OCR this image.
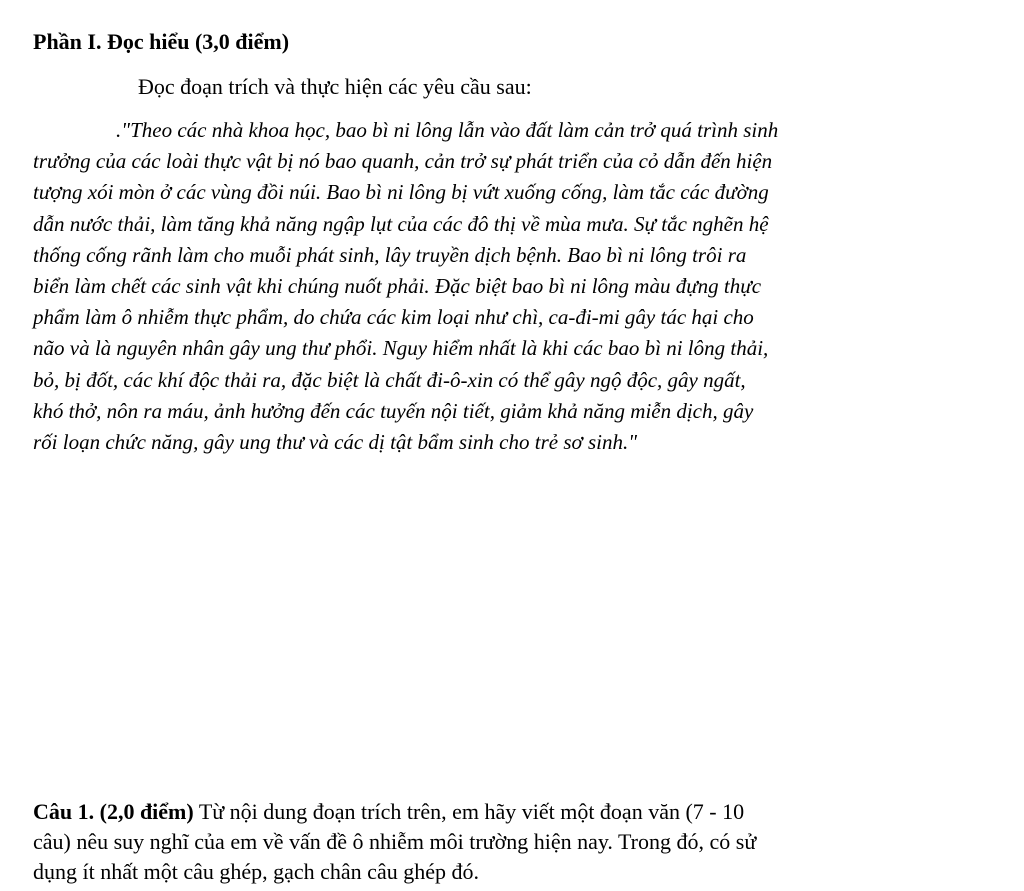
Phần I. Đọc hiểu (3,0 điểm)
Đọc đoạn trích và thực hiện các yêu cầu sau:
."Theo các nhà khoa học, bao bì ni lông lẫn vào đất làm cản trở quá trình sinh
trưởng của các loài thực vật bị nó bao quanh, cản trở sự phát triển của cỏ dẫn đến hiện
tượng xói mòn ở các vùng đồi núi. Bao bì ni lông bị vứt xuống cống, làm tắc các đường
dẫn nước thải, làm tăng khả năng ngập lụt của các đô thị về mùa mưa. Sự tắc nghẽn hệ
thống cống rãnh làm cho muỗi phát sinh, lây truyền dịch bệnh. Bao bì ni lông trôi ra
biển làm chết các sinh vật khi chúng nuốt phải. Đặc biệt bao bì ni lông màu đựng thực
phẩm làm ô nhiễm thực phẩm, do chứa các kim loại như chì, ca-đi-mi gây tác hại cho
não và là nguyên nhân gây ung thư phổi. Nguy hiểm nhất là khi các bao bì ni lông thải,
bỏ, bị đốt, các khí độc thải ra, đặc biệt là chất đi-ô-xin có thể gây ngộ độc, gây ngất,
khó thở, nôn ra máu, ảnh hưởng đến các tuyến nội tiết, giảm khả năng miễn dịch, gây
rối loạn chức năng, gây ung thư và các dị tật bẩm sinh cho trẻ sơ sinh."
Câu 1. (2,0 điểm) Từ nội dung đoạn trích trên, em hãy viết một đoạn văn (7 - 10
câu) nêu suy nghĩ của em về vấn đề ô nhiễm môi trường hiện nay. Trong đó, có sử
dụng ít nhất một câu ghép, gạch chân câu ghép đó.
